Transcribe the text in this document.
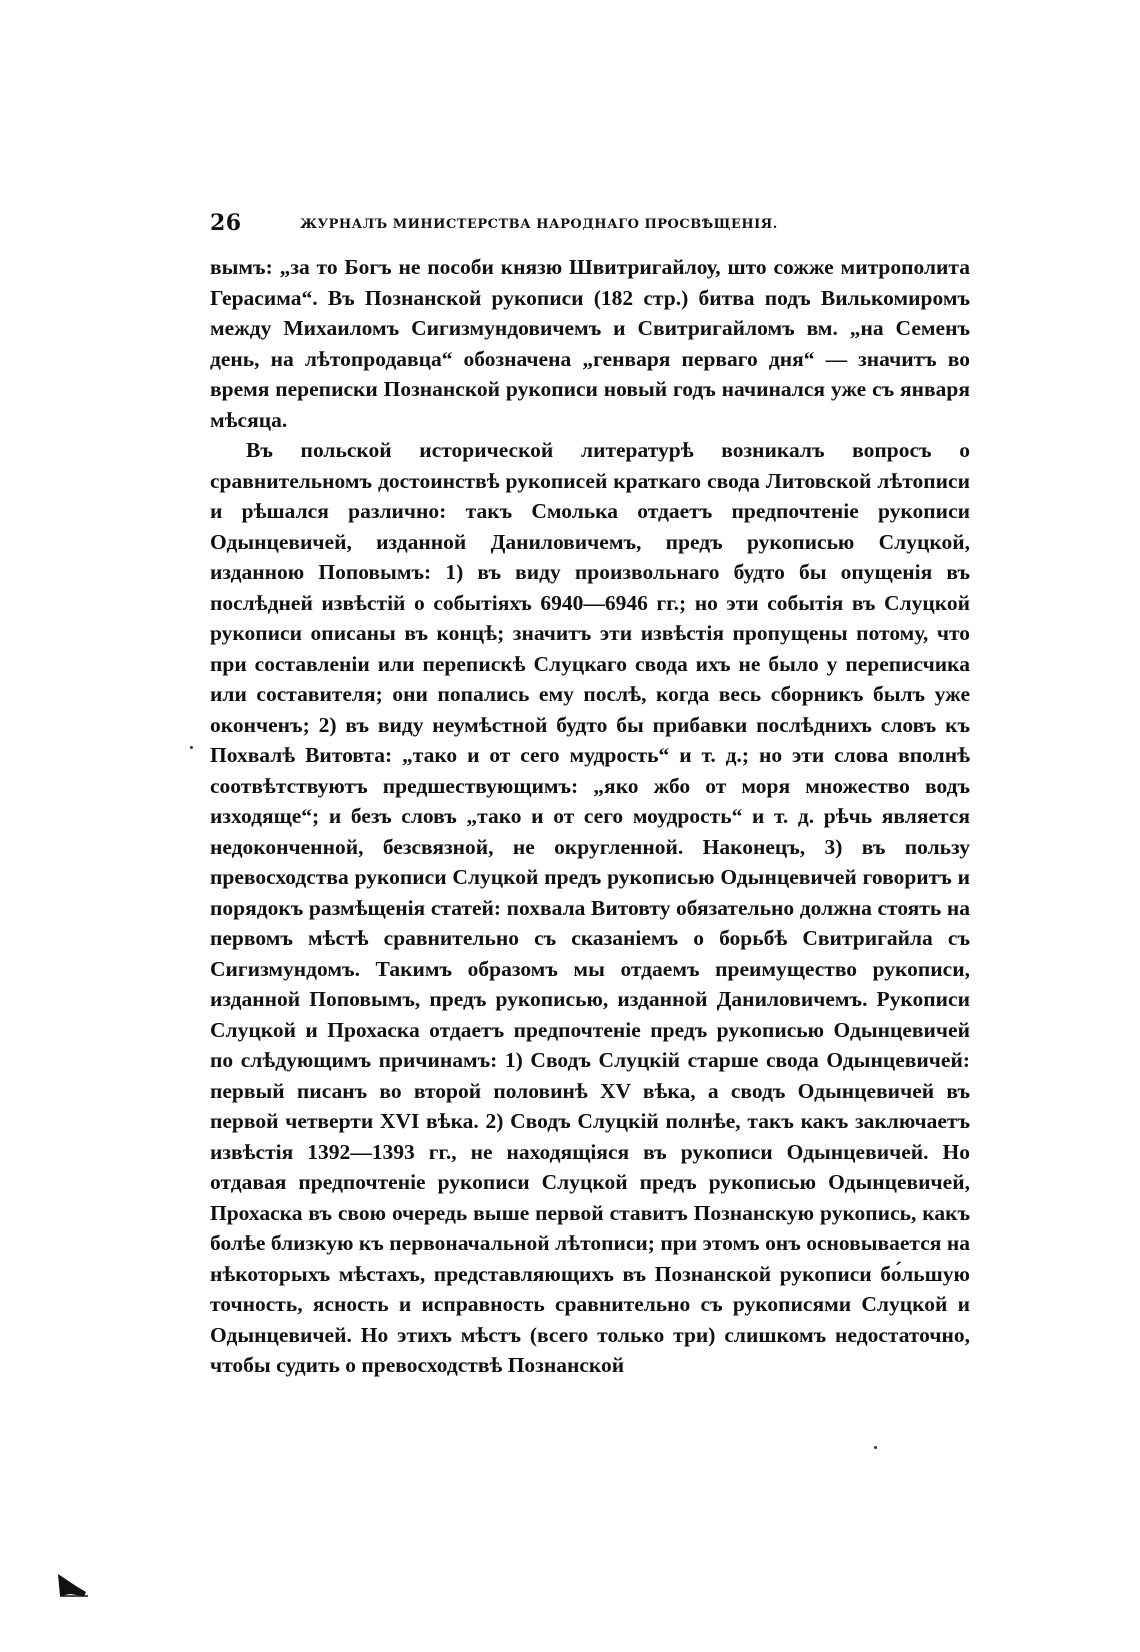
26	ЖУРНАЛЪ МИНИСТЕРСТВА НАРОДНАГО ПРОСВѢЩЕНІЯ.

вымъ: „за то Богъ не пособи князю Швитригайлоу, што сожже митрополита Герасима“. Въ Познанской рукописи (182 стр.) битва подъ Вилькомиромъ между Михаиломъ Сигизмундовичемъ и Свитригайломъ вм. „на Семенъ день, на лѣтопродавца“ обозначена „генваря перваго дня“ — значитъ во время переписки Познанской рукописи новый годъ начинался уже съ января мѣсяца.

Въ польской исторической литературѣ возникалъ вопросъ о сравнительномъ достоинствѣ рукописей краткаго свода Литовской лѣтописи и рѣшался различно: такъ Смолька отдаетъ предпочтеніе рукописи Одынцевичей, изданной Даниловичемъ, предъ рукописью Слуцкой, изданною Поповымъ: 1) въ виду произвольнаго будто бы опущенія въ послѣдней извѣстій о событіяхъ 6940—6946 гг.; но эти событія въ Слуцкой рукописи описаны въ концѣ; значитъ эти извѣстія пропущены потому, что при составленіи или перепискѣ Слуцкаго свода ихъ не было у переписчика или составителя; они попались ему послѣ, когда весь сборникъ былъ уже оконченъ; 2) въ виду неумѣстной будто бы прибавки послѣднихъ словъ къ Похвалѣ Витовта: „тако и от сего мудрость“ и т. д.; но эти слова вполнѣ соотвѣтствуютъ предшествующимъ: „яко жбо от моря множество водъ изходяще“; и безъ словъ „тако и от сего моудрость“ и т. д. рѣчь является недоконченной, безсвязной, не округленной. Наконецъ, 3) въ пользу превосходства рукописи Слуцкой предъ рукописью Одынцевичей говоритъ и порядокъ размѣщенія статей: похвала Витовту обязательно должна стоять на первомъ мѣстѣ сравнительно съ сказаніемъ о борьбѣ Свитригайла съ Сигизмундомъ. Такимъ образомъ мы отдаемъ преимущество рукописи, изданной Поповымъ, предъ рукописью, изданной Даниловичемъ. Рукописи Слуцкой и Прохаска отдаетъ предпочтеніе предъ рукописью Одынцевичей по слѣдующимъ причинамъ: 1) Сводъ Слуцкій старше свода Одынцевичей: первый писанъ во второй половинѣ XV вѣка, а сводъ Одынцевичей въ первой четверти XVI вѣка. 2) Сводъ Слуцкій полнѣе, такъ какъ заключаетъ извѣстія 1392—1393 гг., не находящіяся въ рукописи Одынцевичей. Но отдавая предпочтеніе рукописи Слуцкой предъ рукописью Одынцевичей, Прохаска въ свою очередь выше первой ставитъ Познанскую рукопись, какъ болѣе близкую къ первоначальной лѣтописи; при этомъ онъ основывается на нѣкоторыхъ мѣстахъ, представляющихъ въ Познанской рукописи бо́льшую точность, ясность и исправность сравнительно съ рукописями Слуцкой и Одынцевичей. Но этихъ мѣстъ (всего только три) слишкомъ недостаточно, чтобы судить о превосходствѣ Познанской
